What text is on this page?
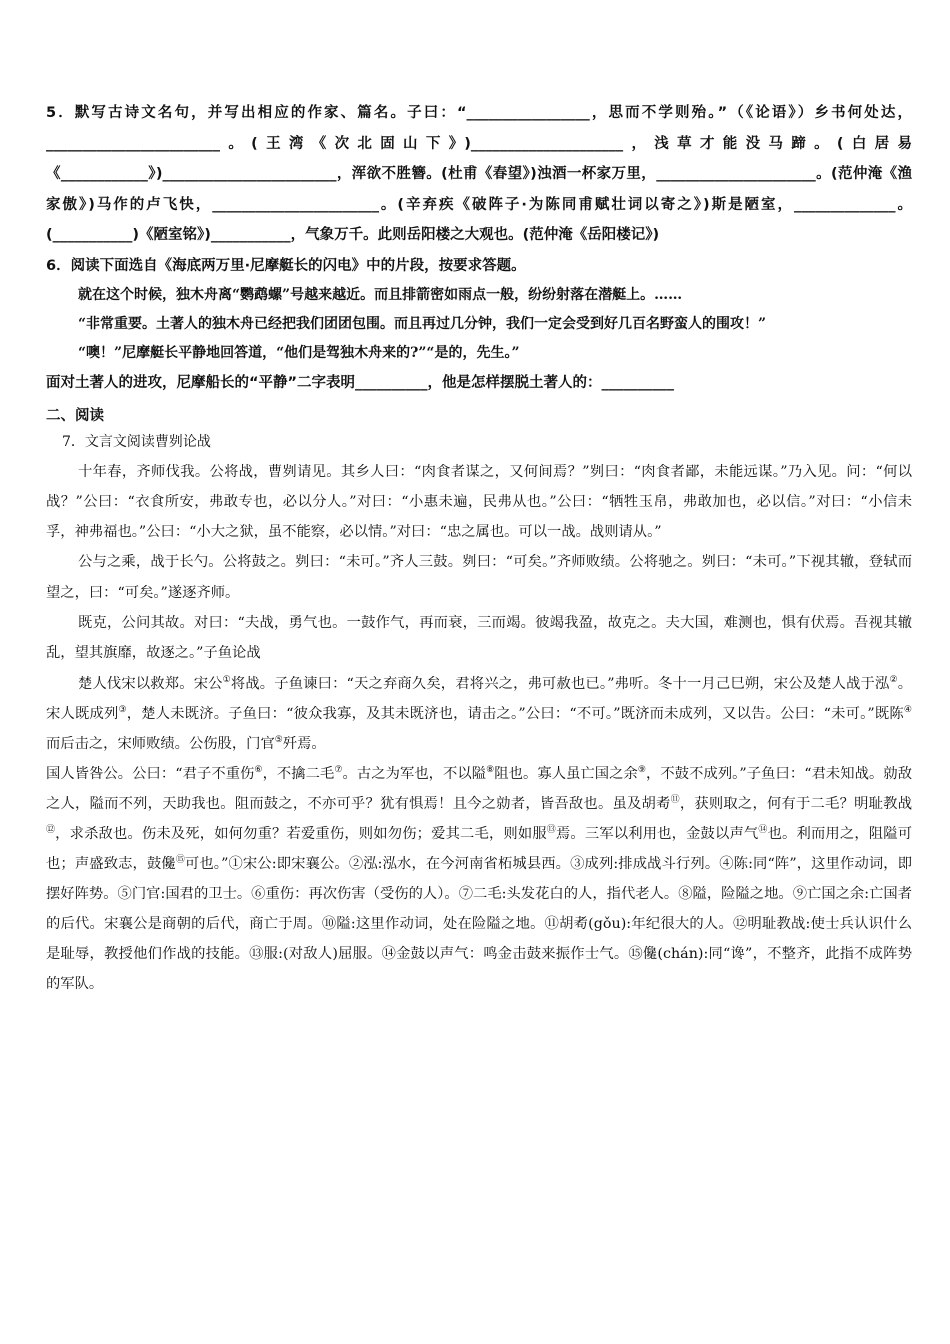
5．默写古诗文名句，并写出相应的作家、篇名。子曰：“_________________，思而不学则殆。”（《论语》）乡书何处达，________________________。(王湾《次北固山下》)_____________________，浅草才能没马蹄。(白居易《____________》)________________________，浑欲不胜簪。(杜甫《春望》)浊酒一杯家万里，______________________。(范仲淹《渔家傲》)马作的卢飞快，_______________________。(辛弃疾《破阵子·为陈同甫赋壮词以寄之》)斯是陋室，______________。(___________)《陋室铭》)___________，气象万千。此则岳阳楼之大观也。(范仲淹《岳阳楼记》)

6．阅读下面选自《海底两万里·尼摩艇长的闪电》中的片段，按要求答题。

就在这个时候，独木舟离“鹦鹉螺”号越来越近。而且排箭密如雨点一般，纷纷射落在潜艇上。……

“非常重要。土著人的独木舟已经把我们团团包围。而且再过几分钟，我们一定会受到好几百名野蛮人的围攻！”

“噢！”尼摩艇长平静地回答道，“他们是驾独木舟来的?”“是的，先生。”

面对土著人的进攻，尼摩船长的“平静”二字表明__________，他是怎样摆脱土著人的：__________

二、阅读

7．文言文阅读曹刿论战

十年春，齐师伐我。公将战，曹刿请见。其乡人曰：“肉食者谋之，又何间焉？”刿曰：“肉食者鄙，未能远谋。”乃入见。问：“何以战？”公曰：“衣食所安，弗敢专也，必以分人。”对曰：“小惠未遍，民弗从也。”公曰：“牺牲玉帛，弗敢加也，必以信。”对曰：“小信未孚，神弗福也。”公曰：“小大之狱，虽不能察，必以情。”对曰：“忠之属也。可以一战。战则请从。”

公与之乘，战于长勺。公将鼓之。刿曰：“未可。”齐人三鼓。刿曰：“可矣。”齐师败绩。公将驰之。刿曰：“未可。”下视其辙，登轼而望之，曰：“可矣。”遂逐齐师。

既克，公问其故。对曰：“夫战，勇气也。一鼓作气，再而衰，三而竭。彼竭我盈，故克之。夫大国，难测也，惧有伏焉。吾视其辙乱，望其旗靡，故逐之。”子鱼论战

楚人伐宋以救郑。宋公①将战。子鱼谏曰：“天之弃商久矣，君将兴之，弗可赦也已。”弗听。冬十一月己巳朔，宋公及楚人战于泓②。宋人既成列③，楚人未既济。子鱼曰：“彼众我寡，及其未既济也，请击之。”公曰：“不可。”既济而未成列，又以告。公曰：“未可。”既陈④而后击之，宋师败绩。公伤股，门官⑤歼焉。

国人皆咎公。公曰：“君子不重伤⑥，不擒二毛⑦。古之为军也，不以隘⑧阻也。寡人虽亡国之余⑨，不鼓不成列。”子鱼曰：“君未知战。勍敌之人，隘而不列，天助我也。阻而鼓之，不亦可乎？犹有惧焉！且今之勍者，皆吾敌也。虽及胡耇⑪，获则取之，何有于二毛？明耻教战⑫，求杀敌也。伤未及死，如何勿重？若爱重伤，则如勿伤；爱其二毛，则如服⑬焉。三军以利用也，金鼓以声气⑭也。利而用之，阻隘可也；声盛致志，鼓儳⑮可也。”①宋公:即宋襄公。②泓:泓水，在今河南省柘城县西。③成列:排成战斗行列。④陈:同“阵”，这里作动词，即摆好阵势。⑤门官:国君的卫士。⑥重伤：再次伤害（受伤的人）。⑦二毛:头发花白的人，指代老人。⑧隘，险隘之地。⑨亡国之余:亡国者的后代。宋襄公是商朝的后代，商亡于周。⑩隘:这里作动词，处在险隘之地。⑪胡耇(gǒu):年纪很大的人。⑫明耻教战:使士兵认识什么是耻辱，教授他们作战的技能。⑬服:(对敌人)屈服。⑭金鼓以声气：鸣金击鼓来振作士气。⑮儳(chán):同“谗”，不整齐，此指不成阵势的军队。
